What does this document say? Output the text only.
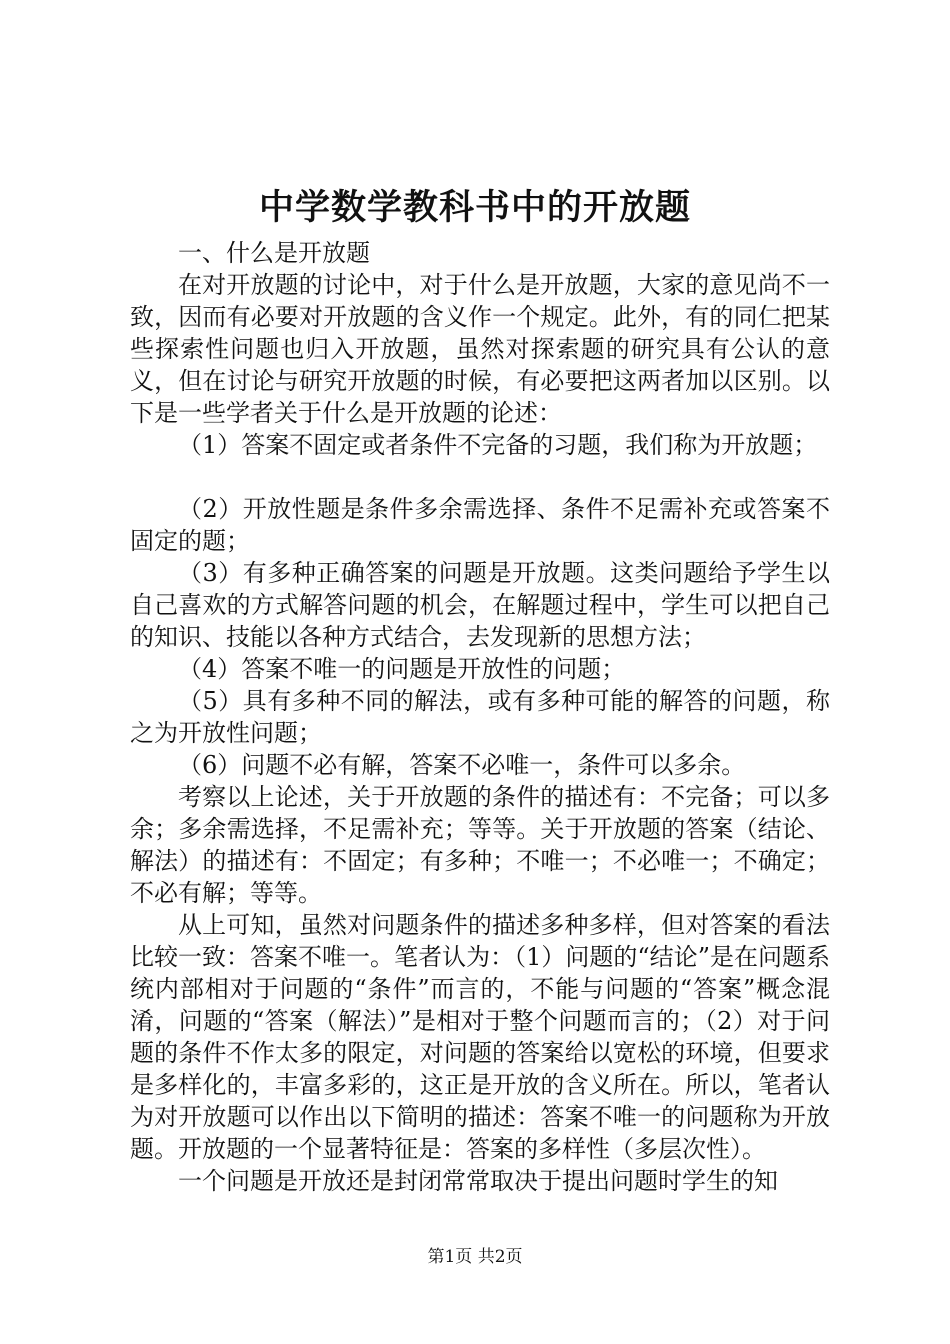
中学数学教科书中的开放题

一、什么是开放题

在对开放题的讨论中，对于什么是开放题，大家的意见尚不一致，因而有必要对开放题的含义作一个规定。此外，有的同仁把某些探索性问题也归入开放题，虽然对探索题的研究具有公认的意义，但在讨论与研究开放题的时候，有必要把这两者加以区别。以下是一些学者关于什么是开放题的论述：

（1）答案不固定或者条件不完备的习题，我们称为开放题；

（2）开放性题是条件多余需选择、条件不足需补充或答案不固定的题；

（3）有多种正确答案的问题是开放题。这类问题给予学生以自己喜欢的方式解答问题的机会，在解题过程中，学生可以把自己的知识、技能以各种方式结合，去发现新的思想方法；

（4）答案不唯一的问题是开放性的问题；

（5）具有多种不同的解法，或有多种可能的解答的问题，称之为开放性问题；

（6）问题不必有解，答案不必唯一，条件可以多余。

考察以上论述，关于开放题的条件的描述有：不完备；可以多余；多余需选择，不足需补充；等等。关于开放题的答案（结论、解法）的描述有：不固定；有多种；不唯一；不必唯一；不确定；不必有解；等等。

从上可知，虽然对问题条件的描述多种多样，但对答案的看法比较一致：答案不唯一。笔者认为：（1）问题的“结论”是在问题系统内部相对于问题的“条件”而言的，不能与问题的“答案”概念混淆，问题的“答案（解法）”是相对于整个问题而言的；（2）对于问题的条件不作太多的限定，对问题的答案给以宽松的环境，但要求是多样化的，丰富多彩的，这正是开放的含义所在。所以，笔者认为对开放题可以作出以下简明的描述：答案不唯一的问题称为开放题。开放题的一个显著特征是：答案的多样性（多层次性）。

一个问题是开放还是封闭常常取决于提出问题时学生的知

第1页 共2页
